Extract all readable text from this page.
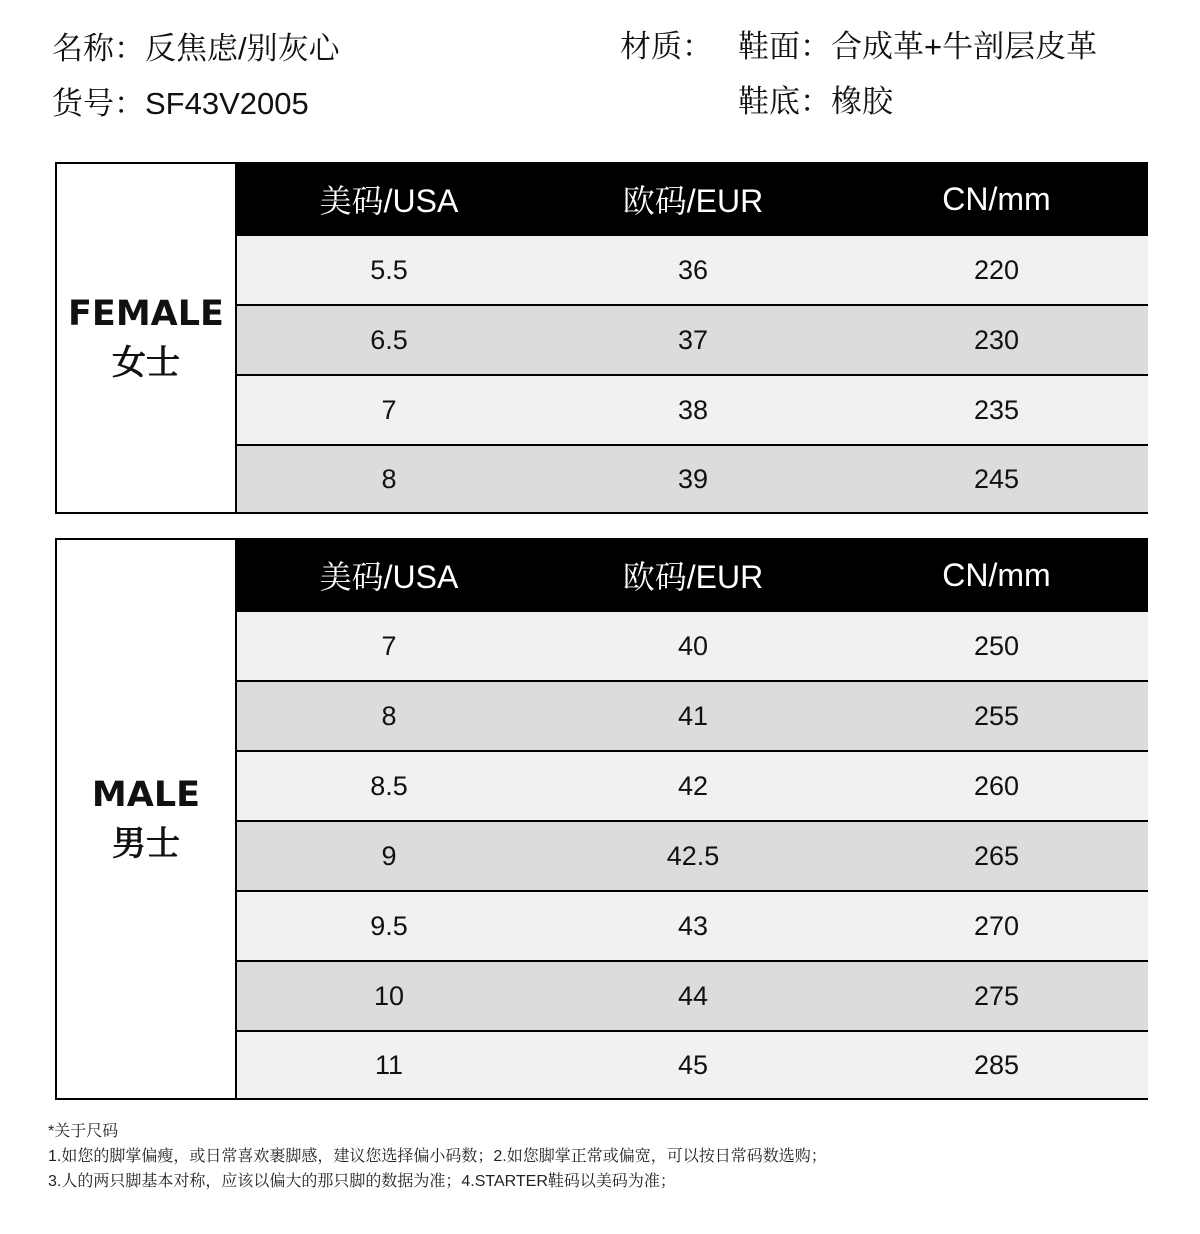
名称：反焦虑/别灰心
货号：SF43V2005
材质： 鞋面：合成革+牛剖层皮革
鞋底：橡胶
FEMALE
女士
美码/USA	欧码/EUR	CN/mm
5.5	36	220
6.5	37	230
7	38	235
8	39	245
MALE
男士
美码/USA	欧码/EUR	CN/mm
7	40	250
8	41	255
8.5	42	260
9	42.5	265
9.5	43	270
10	44	275
11	45	285
*关于尺码
1.如您的脚掌偏瘦，或日常喜欢裹脚感，建议您选择偏小码数；2.如您脚掌正常或偏宽，可以按日常码数选购；
3.人的两只脚基本对称，应该以偏大的那只脚的数据为准；4.STARTER鞋码以美码为准；
